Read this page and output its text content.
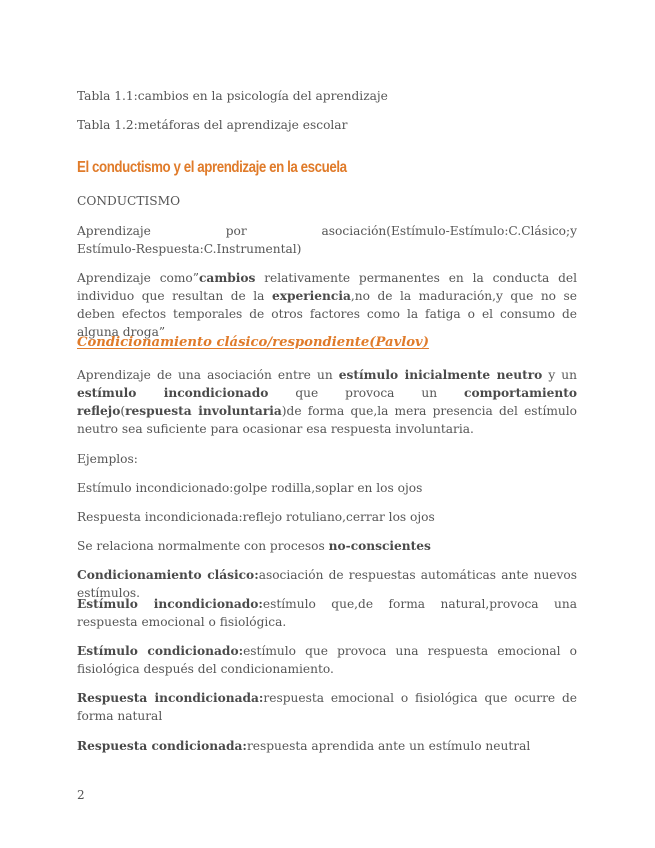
Tabla 1.1:cambios en la psicología del aprendizaje

Tabla 1.2:metáforas del aprendizaje escolar

El conductismo y el aprendizaje en la escuela

CONDUCTISMO

Aprendizaje por asociación(Estímulo-Estímulo:C.Clásico;y

Estímulo-Respuesta:C.Instrumental)

Aprendizaje como”cambios relativamente permanentes en la conducta del individuo que resultan de la experiencia,no de la maduración,y que no se deben efectos temporales de otros factores como la fatiga o el consumo de alguna droga”

Condicionamiento clásico/respondiente(Pavlov)

Aprendizaje de una asociación entre un estímulo inicialmente neutro y un estímulo incondicionado que provoca un comportamiento reflejo(respuesta involuntaria)de forma que,la mera presencia del estímulo neutro sea suficiente para ocasionar esa respuesta involuntaria.

Ejemplos:

Estímulo incondicionado:golpe rodilla,soplar en los ojos

Respuesta incondicionada:reflejo rotuliano,cerrar los ojos

Se relaciona normalmente con procesos no-conscientes

Condicionamiento clásico:asociación de respuestas automáticas ante nuevos estímulos.

Estímulo incondicionado:estímulo que,de forma natural,provoca una respuesta emocional o fisiológica.

Estímulo condicionado:estímulo que provoca una respuesta emocional o fisiológica después del condicionamiento.

Respuesta incondicionada:respuesta emocional o fisiológica que ocurre de forma natural

Respuesta condicionada:respuesta aprendida ante un estímulo neutral

2
